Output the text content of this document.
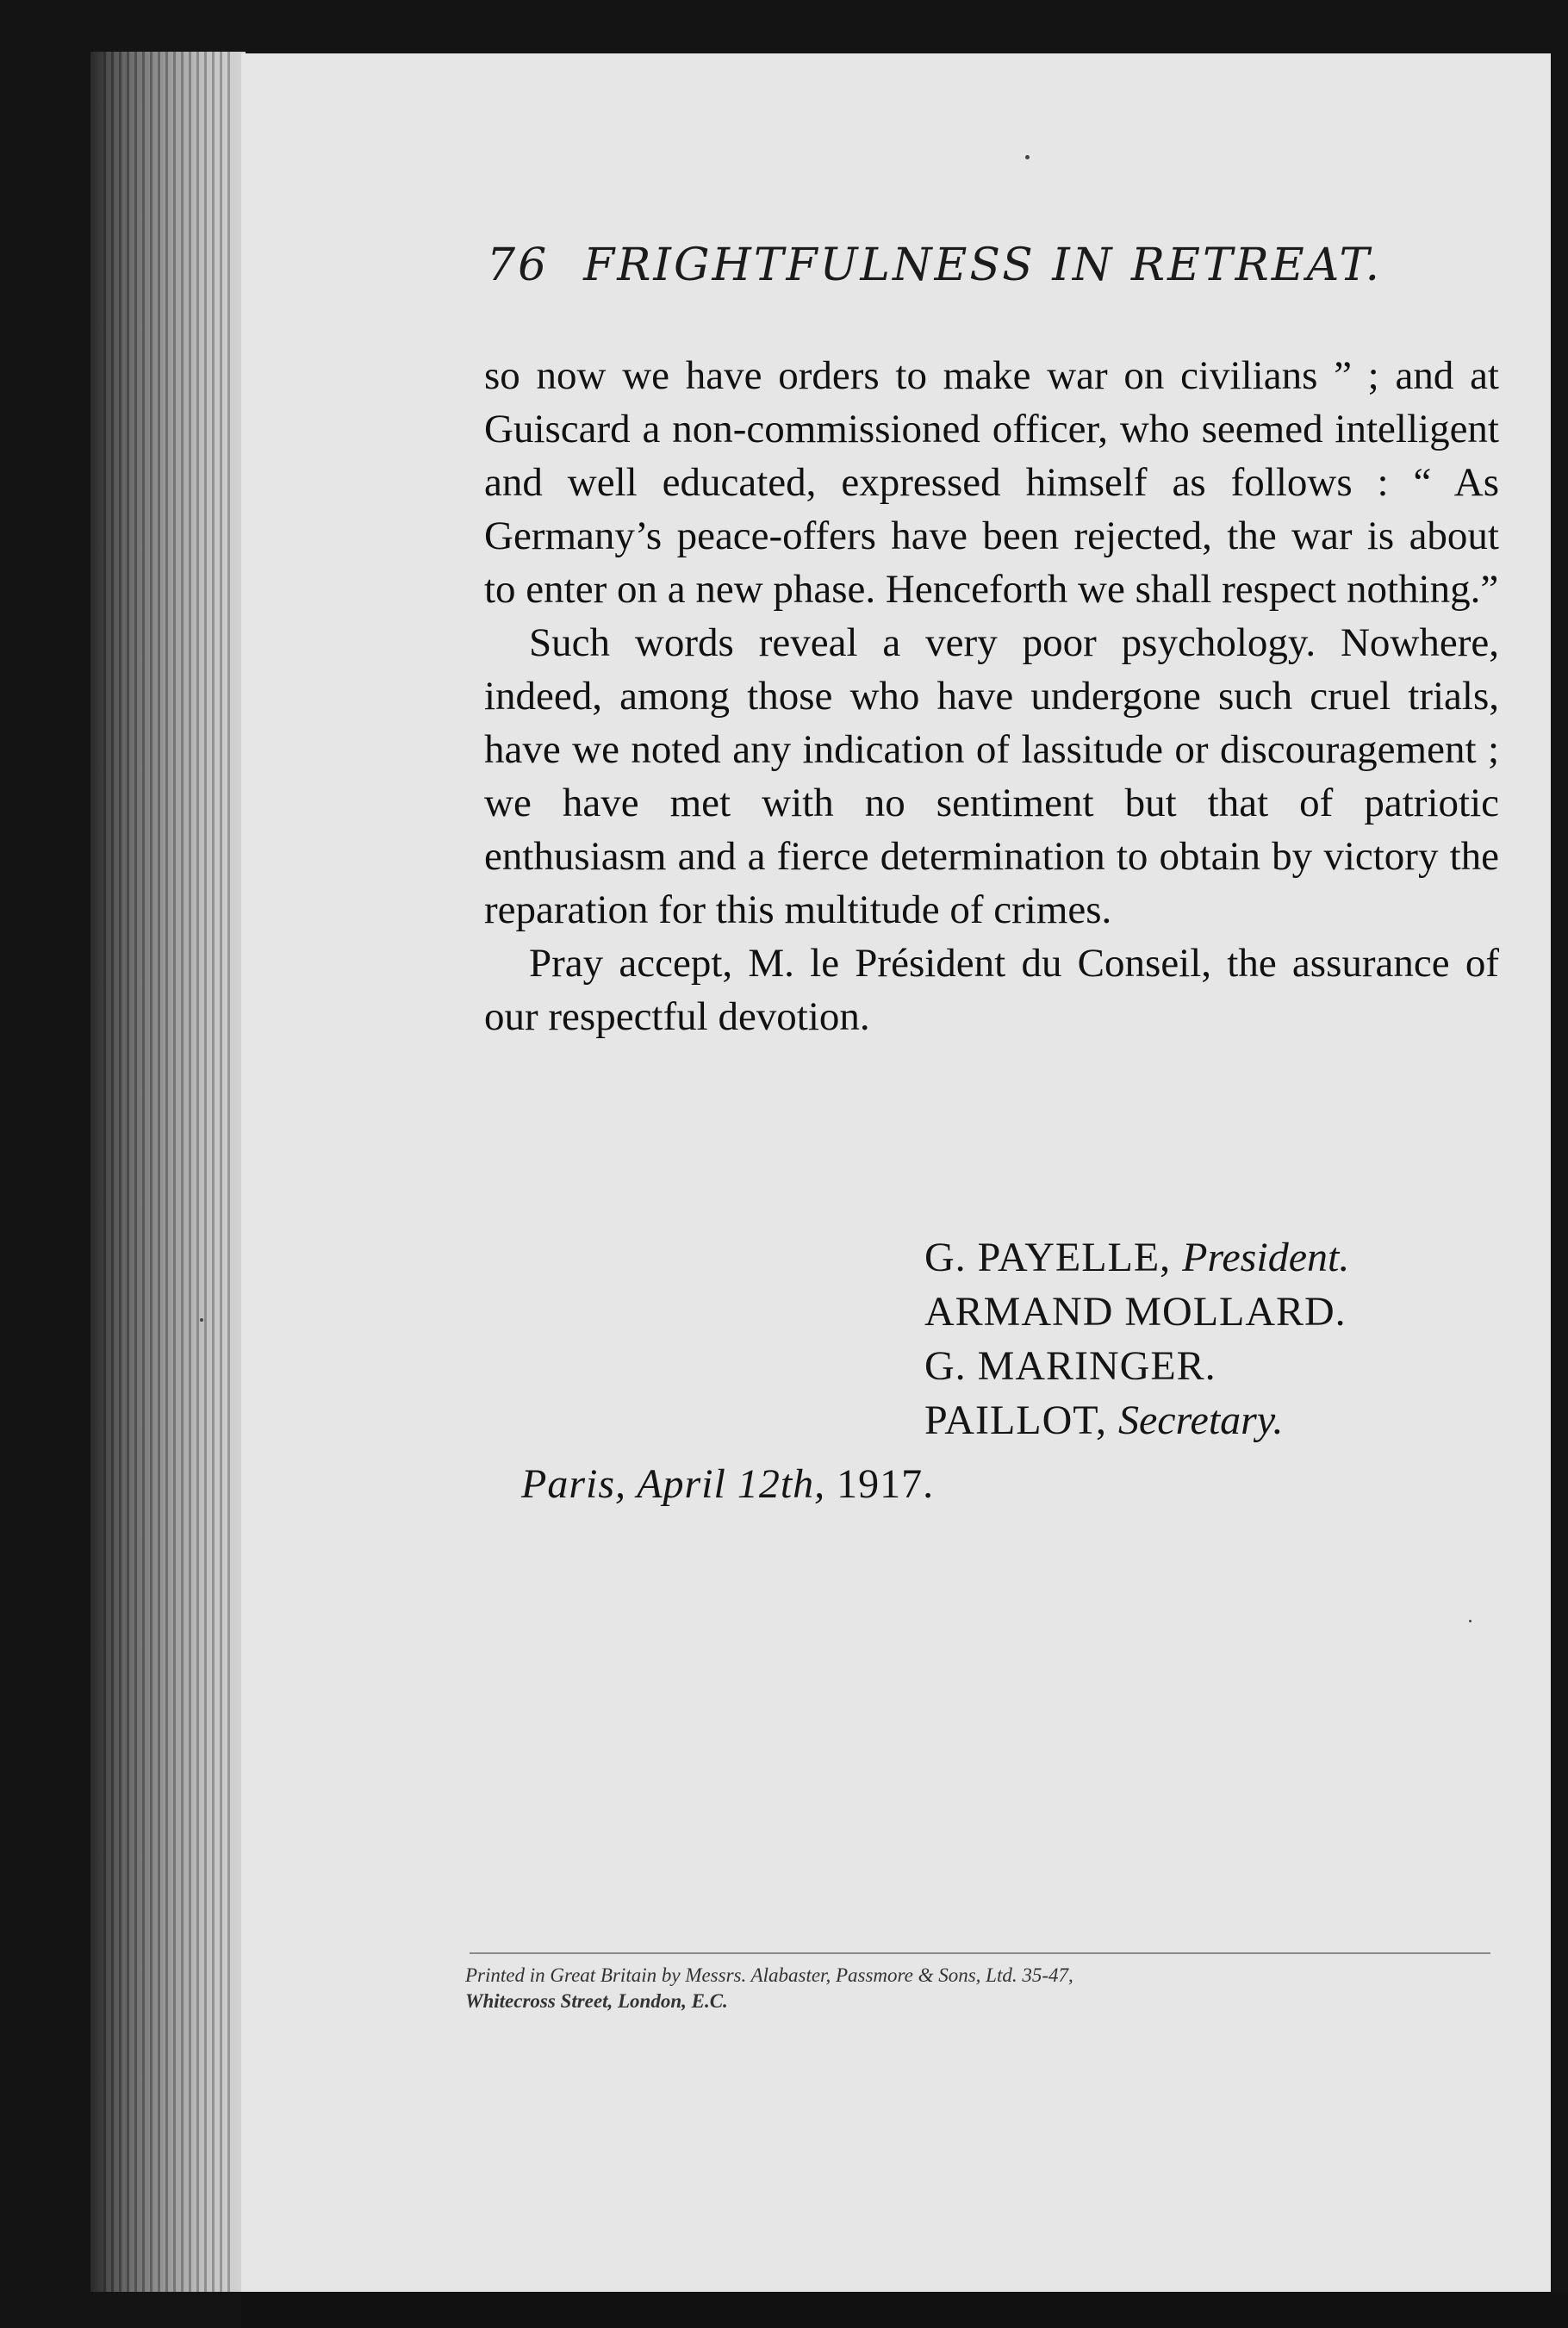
76 FRIGHTFULNESS IN RETREAT.

so now we have orders to make war on civilians ” ; and at Guiscard a non-commissioned officer, who seemed intelligent and well educated, expressed himself as follows : “ As Germany’s peace-offers have been rejected, the war is about to enter on a new phase. Henceforth we shall respect nothing.”

Such words reveal a very poor psychology. Nowhere, indeed, among those who have undergone such cruel trials, have we noted any indication of lassitude or discouragement ; we have met with no sentiment but that of patriotic enthusiasm and a fierce determination to obtain by victory the reparation for this multitude of crimes.

Pray accept, M. le Président du Conseil, the assurance of our respectful devotion.

G. PAYELLE, President.
ARMAND MOLLARD.
G. MARINGER.
PAILLOT, Secretary.
Paris, April 12th, 1917.
Printed in Great Britain by Messrs. Alabaster, Passmore & Sons, Ltd. 35-47,
Whitecross Street, London, E.C.
